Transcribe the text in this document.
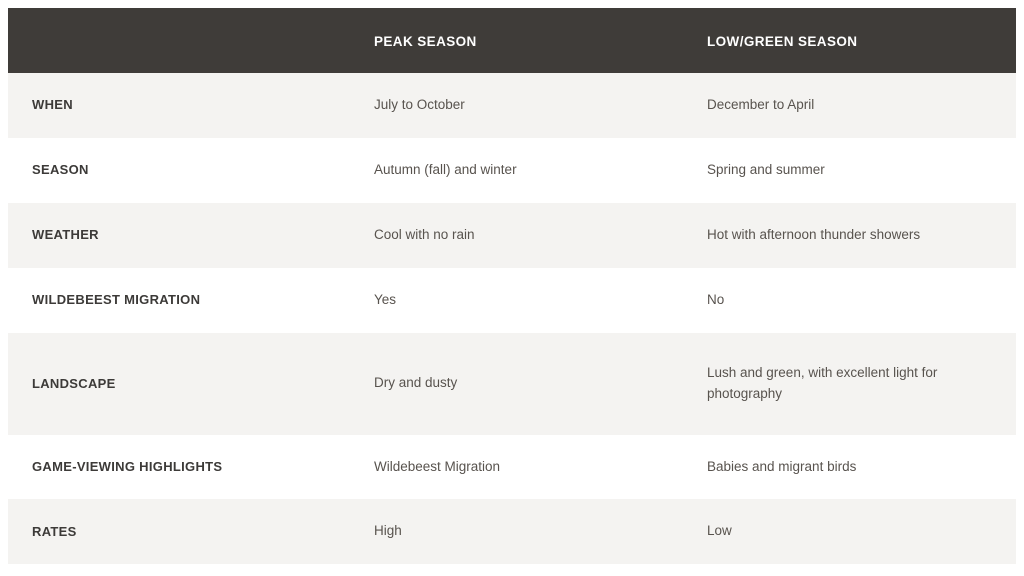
	PEAK SEASON	LOW/GREEN SEASON
WHEN	July to October	December to April
SEASON	Autumn (fall) and winter	Spring and summer
WEATHER	Cool with no rain	Hot with afternoon thunder showers
WILDEBEEST MIGRATION	Yes	No
LANDSCAPE	Dry and dusty	Lush and green, with excellent light for photography
GAME-VIEWING HIGHLIGHTS	Wildebeest Migration	Babies and migrant birds
RATES	High	Low
